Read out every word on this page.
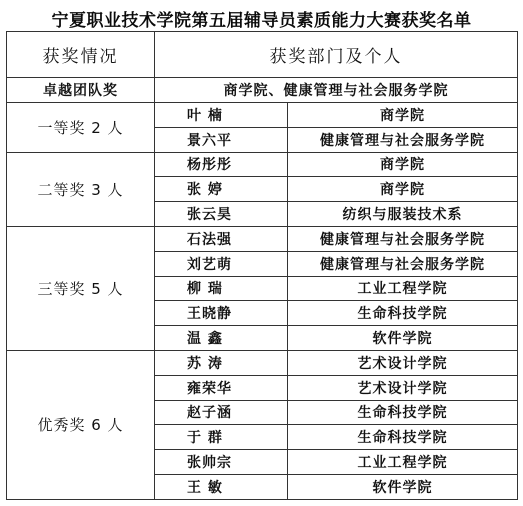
宁夏职业技术学院第五届辅导员素质能力大赛获奖名单
获奖情况	获奖部门及个人	
卓越团队奖	商学院、健康管理与社会服务学院	
一等奖 2 人	叶 楠	商学院
	景六平	健康管理与社会服务学院
二等奖 3 人	杨彤彤	商学院
	张 婷	商学院
	张云昊	纺织与服装技术系
三等奖 5 人	石法强	健康管理与社会服务学院
	刘艺萌	健康管理与社会服务学院
	柳 瑞	工业工程学院
	王晓静	生命科技学院
	温 鑫	软件学院
优秀奖 6 人	苏 涛	艺术设计学院
	雍荣华	艺术设计学院
	赵子涵	生命科技学院
	于 群	生命科技学院
	张帅宗	工业工程学院
	王 敏	软件学院
